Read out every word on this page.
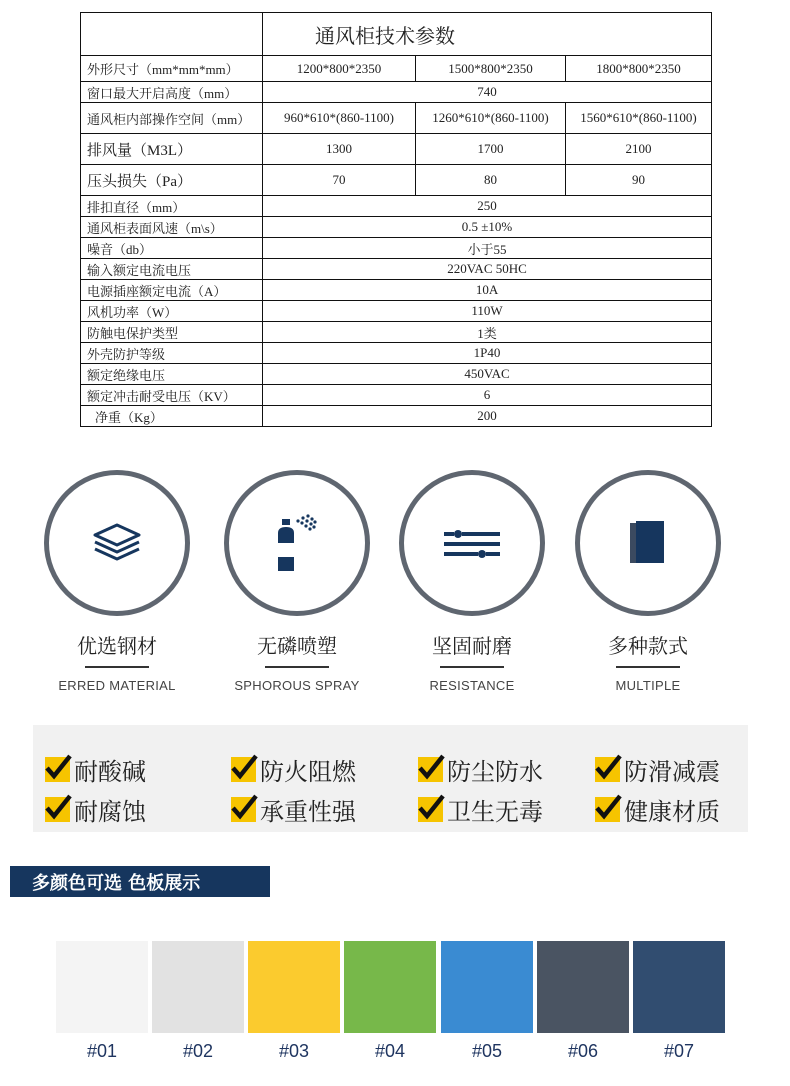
	通风柜技术参数		
外形尺寸（mm*mm*mm）	1200*800*2350	1500*800*2350	1800*800*2350
窗口最大开启高度（mm）	740		
通风柜内部操作空间（mm）	960*610*(860-1100)	1260*610*(860-1100)	1560*610*(860-1100)
排风量（M3L）	1300	1700	2100
压头损失（Pa）	70	80	90
排扣直径（mm）	250		
通风柜表面风速（m\s）	0.5 ±10%		
噪音（db）	小于55		
输入额定电流电压	220VAC 50HC		
电源插座额定电流（A）	10A		
风机功率（W）	110W		
防触电保护类型	1类		
外壳防护等级	1P40		
额定绝缘电压	450VAC		
额定冲击耐受电压（KV）	6		
净重（Kg）	200		
优选钢材
ERRED MATERIAL
无磷喷塑
SPHOROUS SPRAY
坚固耐磨
RESISTANCE
多种款式
MULTIPLE
耐酸碱	防火阻燃	防尘防水	防滑减震
耐腐蚀	承重性强	卫生无毒	健康材质
多颜色可选 色板展示
#01	#02	#03	#04	#05	#06	#07
